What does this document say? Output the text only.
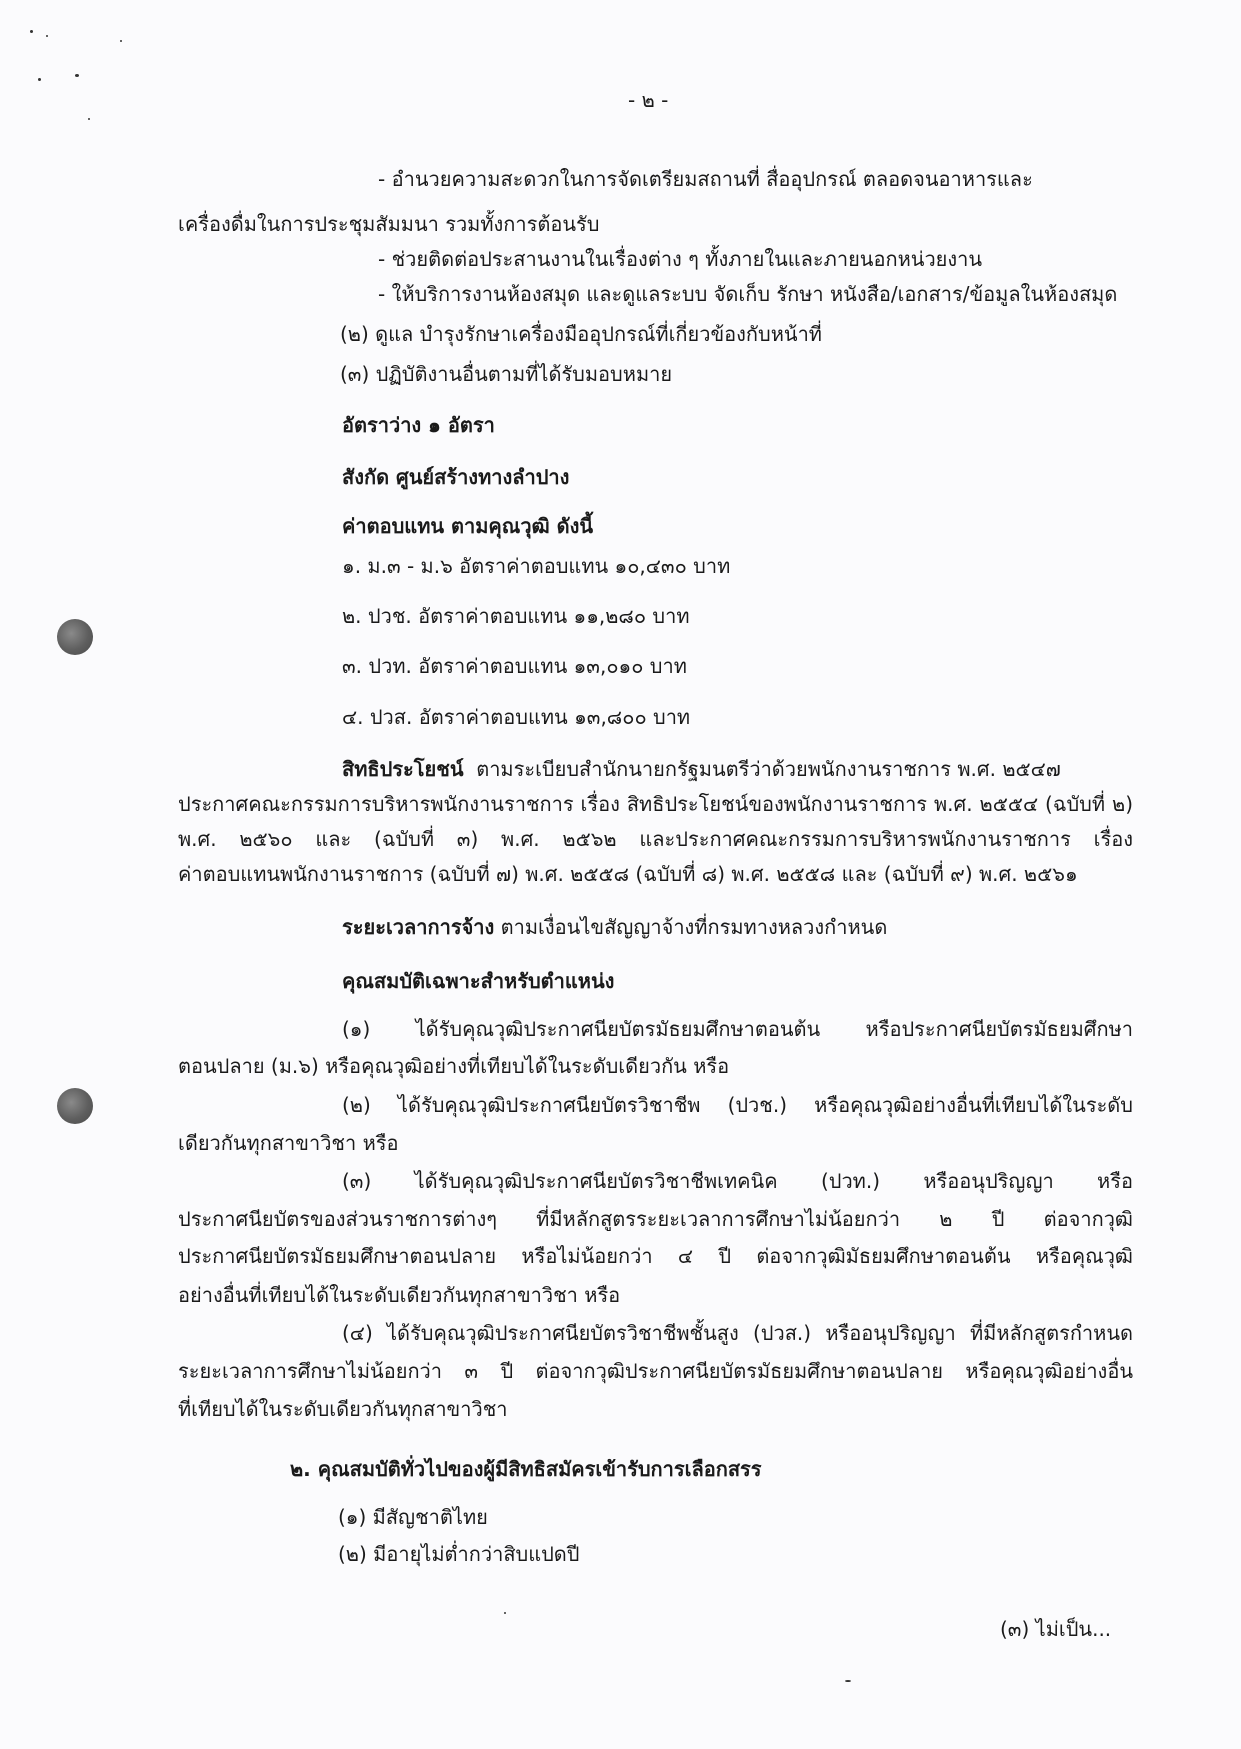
- ๒ -
- อำนวยความสะดวกในการจัดเตรียมสถานที่ สื่ออุปกรณ์ ตลอดจนอาหารและ
เครื่องดื่มในการประชุมสัมมนา รวมทั้งการต้อนรับ
- ช่วยติดต่อประสานงานในเรื่องต่าง ๆ ทั้งภายในและภายนอกหน่วยงาน
- ให้บริการงานห้องสมุด และดูแลระบบ จัดเก็บ รักษา หนังสือ/เอกสาร/ข้อมูลในห้องสมุด
(๒) ดูแล บำรุงรักษาเครื่องมืออุปกรณ์ที่เกี่ยวข้องกับหน้าที่
(๓) ปฏิบัติงานอื่นตามที่ได้รับมอบหมาย
อัตราว่าง ๑ อัตรา
สังกัด ศูนย์สร้างทางลำปาง
ค่าตอบแทน ตามคุณวุฒิ ดังนี้
๑. ม.๓ - ม.๖ อัตราค่าตอบแทน ๑๐,๔๓๐ บาท
๒. ปวช. อัตราค่าตอบแทน ๑๑,๒๘๐ บาท
๓. ปวท. อัตราค่าตอบแทน ๑๓,๐๑๐ บาท
๔. ปวส. อัตราค่าตอบแทน ๑๓,๘๐๐ บาท
สิทธิประโยชน์ ตามระเบียบสำนักนายกรัฐมนตรีว่าด้วยพนักงานราชการ พ.ศ. ๒๕๔๗
ประกาศคณะกรรมการบริหารพนักงานราชการ เรื่อง สิทธิประโยชน์ของพนักงานราชการ พ.ศ. ๒๕๕๔ (ฉบับที่ ๒)
พ.ศ. ๒๕๖๐ และ (ฉบับที่ ๓) พ.ศ. ๒๕๖๒ และประกาศคณะกรรมการบริหารพนักงานราชการ เรื่อง
ค่าตอบแทนพนักงานราชการ (ฉบับที่ ๗) พ.ศ. ๒๕๕๘ (ฉบับที่ ๘) พ.ศ. ๒๕๕๘ และ (ฉบับที่ ๙) พ.ศ. ๒๕๖๑
ระยะเวลาการจ้าง ตามเงื่อนไขสัญญาจ้างที่กรมทางหลวงกำหนด
คุณสมบัติเฉพาะสำหรับตำแหน่ง
(๑) ได้รับคุณวุฒิประกาศนียบัตรมัธยมศึกษาตอนต้น หรือประกาศนียบัตรมัธยมศึกษา
ตอนปลาย (ม.๖) หรือคุณวุฒิอย่างที่เทียบได้ในระดับเดียวกัน หรือ
(๒) ได้รับคุณวุฒิประกาศนียบัตรวิชาชีพ (ปวช.) หรือคุณวุฒิอย่างอื่นที่เทียบได้ในระดับ
เดียวกันทุกสาขาวิชา หรือ
(๓) ได้รับคุณวุฒิประกาศนียบัตรวิชาชีพเทคนิค (ปวท.) หรืออนุปริญญา หรือ
ประกาศนียบัตรของส่วนราชการต่างๆ ที่มีหลักสูตรระยะเวลาการศึกษาไม่น้อยกว่า ๒ ปี ต่อจากวุฒิ
ประกาศนียบัตรมัธยมศึกษาตอนปลาย หรือไม่น้อยกว่า ๔ ปี ต่อจากวุฒิมัธยมศึกษาตอนต้น หรือคุณวุฒิ
อย่างอื่นที่เทียบได้ในระดับเดียวกันทุกสาขาวิชา หรือ
(๔) ได้รับคุณวุฒิประกาศนียบัตรวิชาชีพชั้นสูง (ปวส.) หรืออนุปริญญา ที่มีหลักสูตรกำหนด
ระยะเวลาการศึกษาไม่น้อยกว่า ๓ ปี ต่อจากวุฒิประกาศนียบัตรมัธยมศึกษาตอนปลาย หรือคุณวุฒิอย่างอื่น
ที่เทียบได้ในระดับเดียวกันทุกสาขาวิชา
๒. คุณสมบัติทั่วไปของผู้มีสิทธิสมัครเข้ารับการเลือกสรร
(๑) มีสัญชาติไทย
(๒) มีอายุไม่ต่ำกว่าสิบแปดปี
(๓) ไม่เป็น...
